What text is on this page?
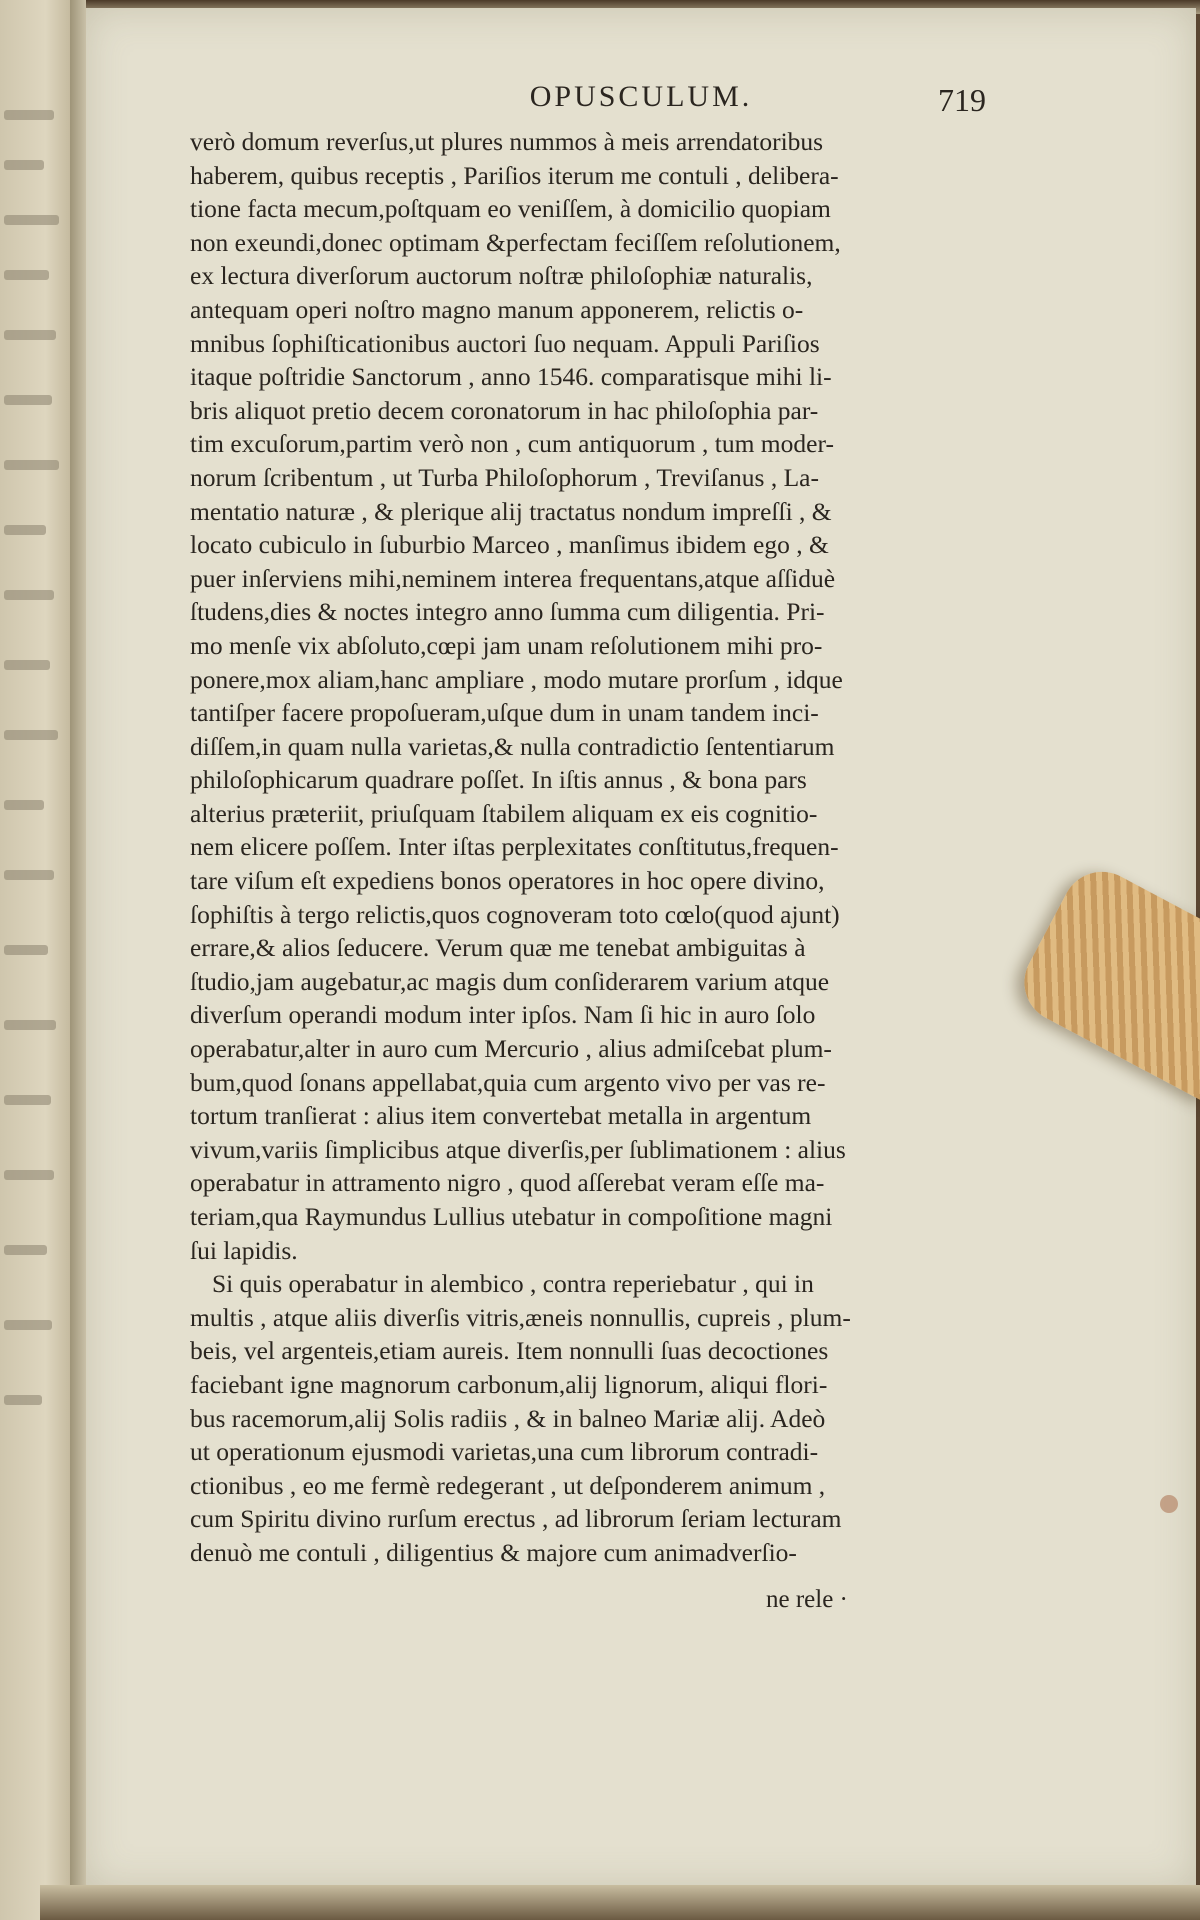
OPUSCULUM.	719
verò domum reverſus,ut plures nummos à meis arrendatoribus
haberem, quibus receptis , Pariſios iterum me contuli , delibera-
tione facta mecum,poſtquam eo veniſſem, à domicilio quopiam
non exeundi,donec optimam &perfectam feciſſem reſolutionem,
ex lectura diverſorum auctorum noſtræ philoſophiæ naturalis,
antequam operi noſtro magno manum apponerem, relictis o-
mnibus ſophiſticationibus auctori ſuo nequam. Appuli Pariſios
itaque poſtridie Sanctorum , anno 1546. comparatisque mihi li-
bris aliquot pretio decem coronatorum in hac philoſophia par-
tim excuſorum,partim verò non , cum antiquorum , tum moder-
norum ſcribentum , ut Turba Philoſophorum , Treviſanus , La-
mentatio naturæ , & plerique alij tractatus nondum impreſſi , &
locato cubiculo in ſuburbio Marceo , manſimus ibidem ego , &
puer inſerviens mihi,neminem interea frequentans,atque aſſiduè
ſtudens,dies & noctes integro anno ſumma cum diligentia. Pri-
mo menſe vix abſoluto,cœpi jam unam reſolutionem mihi pro-
ponere,mox aliam,hanc ampliare , modo mutare prorſum , idque
tantiſper facere propoſueram,uſque dum in unam tandem inci-
diſſem,in quam nulla varietas,& nulla contradictio ſententiarum
philoſophicarum quadrare poſſet. In iſtis annus , & bona pars
alterius præteriit, priuſquam ſtabilem aliquam ex eis cognitio-
nem elicere poſſem. Inter iſtas perplexitates conſtitutus,frequen-
tare viſum eſt expediens bonos operatores in hoc opere divino,
ſophiſtis à tergo relictis,quos cognoveram toto cœlo(quod ajunt)
errare,& alios ſeducere. Verum quæ me tenebat ambiguitas à
ſtudio,jam augebatur,ac magis dum conſiderarem varium atque
diverſum operandi modum inter ipſos. Nam ſi hic in auro ſolo
operabatur,alter in auro cum Mercurio , alius admiſcebat plum-
bum,quod ſonans appellabat,quia cum argento vivo per vas re-
tortum tranſierat : alius item convertebat metalla in argentum
vivum,variis ſimplicibus atque diverſis,per ſublimationem : alius
operabatur in attramento nigro , quod aſſerebat veram eſſe ma-
teriam,qua Raymundus Lullius utebatur in compoſitione magni
ſui lapidis.
Si quis operabatur in alembico , contra reperiebatur , qui in
multis , atque aliis diverſis vitris,æneis nonnullis, cupreis , plum-
beis, vel argenteis,etiam aureis. Item nonnulli ſuas decoctiones
faciebant igne magnorum carbonum,alij lignorum, aliqui flori-
bus racemorum,alij Solis radiis , & in balneo Mariæ alij. Adeò
ut operationum ejusmodi varietas,una cum librorum contradi-
ctionibus , eo me fermè redegerant , ut deſponderem animum ,
cum Spiritu divino rurſum erectus , ad librorum ſeriam lecturam
denuò me contuli , diligentius & majore cum animadverſio-
ne rele ·
